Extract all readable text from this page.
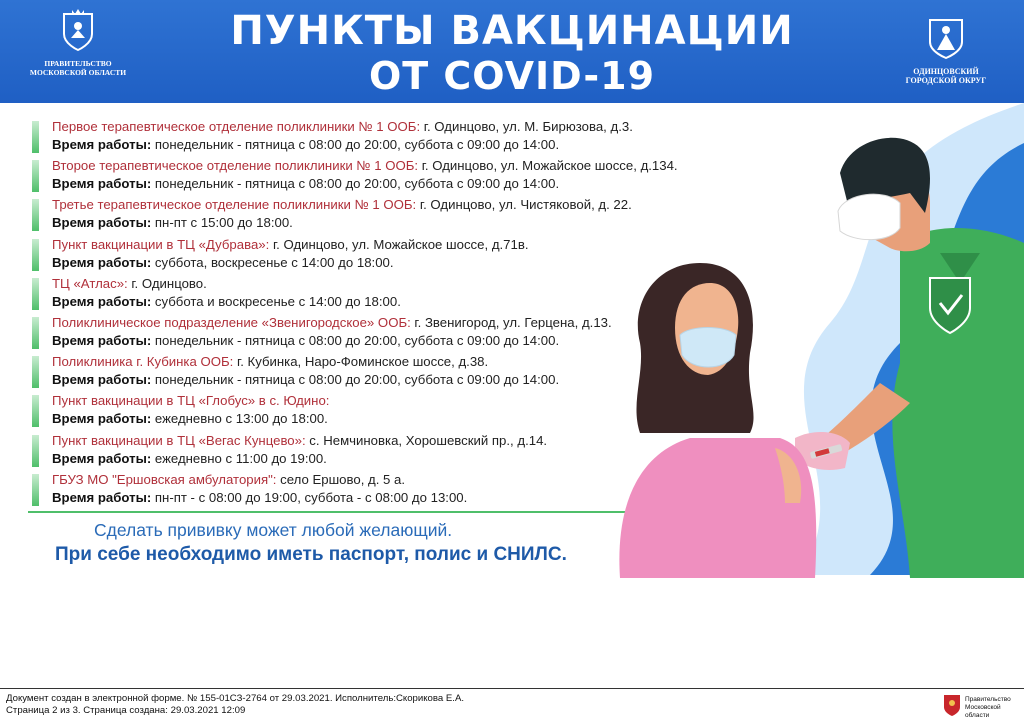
ПУНКТЫ ВАКЦИНАЦИИ
ОТ COVID-19
ПРАВИТЕЛЬСТВО МОСКОВСКОЙ ОБЛАСТИ	ОДИНЦОВСКИЙ ГОРОДСКОЙ ОКРУГ
Первое терапевтическое отделение поликлиники № 1 ООБ: г. Одинцово, ул. М. Бирюзова, д.3.
Время работы: понедельник - пятница с 08:00 до 20:00, суббота с 09:00 до 14:00.
Второе терапевтическое отделение поликлиники № 1 ООБ: г. Одинцово, ул. Можайское шоссе, д.134.
Время работы: понедельник - пятница с 08:00 до 20:00, суббота с 09:00 до 14:00.
Третье терапевтическое отделение поликлиники № 1 ООБ: г. Одинцово, ул. Чистяковой, д. 22.
Время работы: пн-пт с 15:00 до 18:00.
Пункт вакцинации в ТЦ «Дубрава»: г. Одинцово, ул. Можайское шоссе, д.71в.
Время работы: суббота, воскресенье с 14:00 до 18:00.
ТЦ «Атлас»: г. Одинцово.
Время работы: суббота и воскресенье с 14:00 до 18:00.
Поликлиническое подразделение «Звенигородское» ООБ: г. Звенигород, ул. Герцена, д.13.
Время работы: понедельник - пятница с 08:00 до 20:00, суббота с 09:00 до 14:00.
Поликлиника г. Кубинка ООБ: г. Кубинка, Наро-Фоминское шоссе, д.38.
Время работы: понедельник - пятница с 08:00 до 20:00, суббота с 09:00 до 14:00.
Пункт вакцинации в ТЦ «Глобус» в с. Юдино:
Время работы: ежедневно с 13:00 до 18:00.
Пункт вакцинации в ТЦ «Вегас Кунцево»: с. Немчиновка, Хорошевский пр., д.14.
Время работы: ежедневно с 11:00 до 19:00.
ГБУЗ МО "Ершовская амбулатория": село Ершово, д. 5 а.
Время работы: пн-пт - с 08:00 до 19:00, суббота - с 08:00 до 13:00.
Сделать прививку может любой желающий.
При себе необходимо иметь паспорт, полис и СНИЛС.
Документ создан в электронной форме. № 155-01СЗ-2764 от 29.03.2021. Исполнитель:Скорикова Е.А.
Страница 2 из 3. Страница создана: 29.03.2021 12:09
Правительство Московской области
